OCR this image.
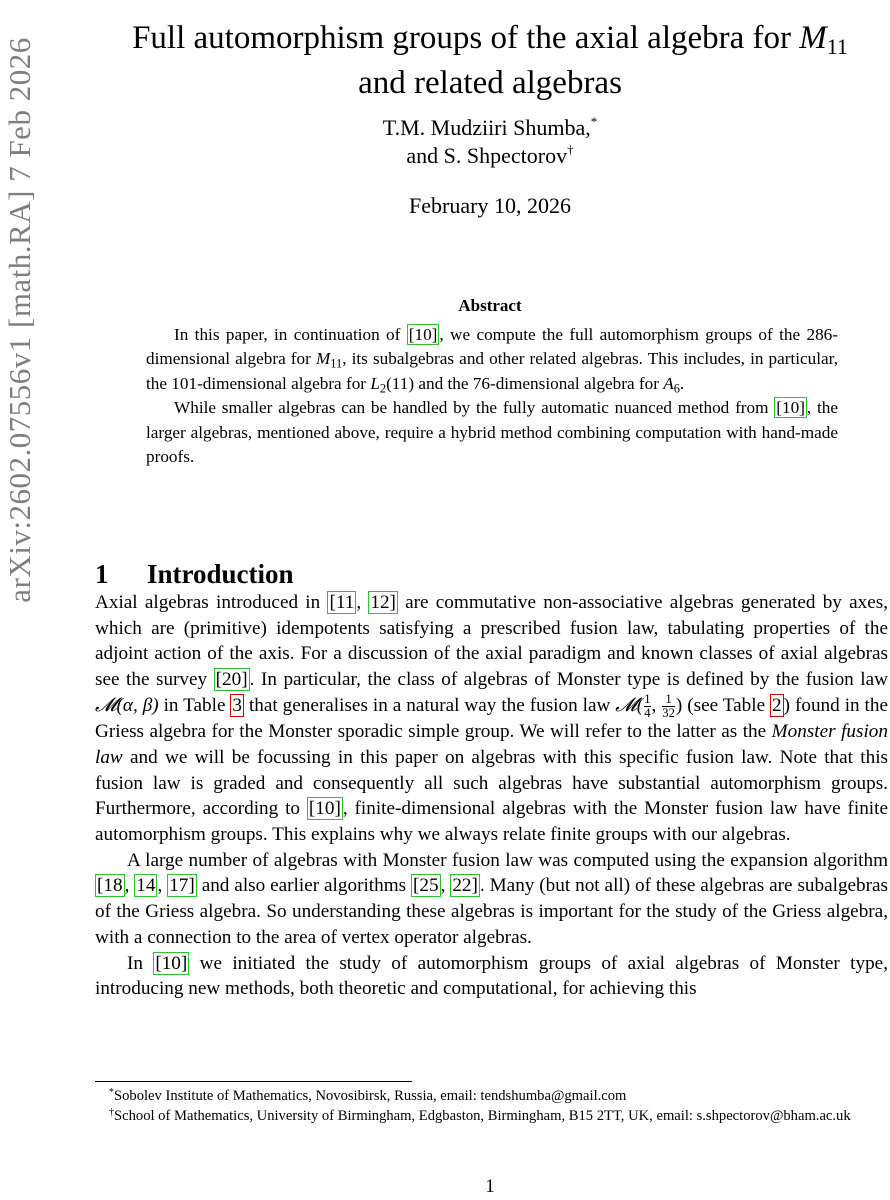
arXiv:2602.07556v1 [math.RA] 7 Feb 2026	Full automorphism groups of the axial algebra for $M_{11}$
and related algebras
T.M. Mudziiri Shumba,*
and S. Shpectorov†
February 10, 2026
Abstract

In this paper, in continuation of [10] , we compute the full automorphism groups of the 286-dimensional algebra for $M_{11}$, its subalgebras and other related algebras. This includes, in particular, the 101-dimensional algebra for $L_2(11)$ and the 76-dimensional algebra for $A_6$.

While smaller algebras can be handled by the fully automatic nuanced method from [10] , the larger algebras, mentioned above, require a hybrid method combining computation with hand-made proofs.

1 Introduction

Axial algebras introduced in [11 , 12] are commutative non-associative algebras generated by axes, which are (primitive) idempotents satisfying a prescribed fusion law, tabulating properties of the adjoint action of the axis. For a discussion of the axial paradigm and known classes of axial algebras see the survey [20] . In particular, the class of algebras of Monster type is defined by the fusion law 𝓜(α, β) in Table 3 that generalises in a natural way the fusion law 𝓜( $\frac{1}{4}$ , $\frac{1}{32}$ ) (see Table 2 ) found in the Griess algebra for the Monster sporadic simple group. We will refer to the latter as the Monster fusion law and we will be focussing in this paper on algebras with this specific fusion law. Note that this fusion law is graded and consequently all such algebras have substantial automorphism groups. Furthermore, according to [10] , finite-dimensional algebras with the Monster fusion law have finite automorphism groups. This explains why we always relate finite groups with our algebras.

A large number of algebras with Monster fusion law was computed using the expansion algorithm [18 , 14 , 17] and also earlier algorithms [25 , 22] . Many (but not all) of these algebras are subalgebras of the Griess algebra. So understanding these algebras is important for the study of the Griess algebra, with a connection to the area of vertex operator algebras.

In [10] we initiated the study of automorphism groups of axial algebras of Monster type, introducing new methods, both theoretic and computational, for achieving this

*Sobolev Institute of Mathematics, Novosibirsk, Russia, email: tendshumba@gmail.com

†School of Mathematics, University of Birmingham, Edgbaston, Birmingham, B15 2TT, UK, email: s.shpectorov@bham.ac.uk

1
